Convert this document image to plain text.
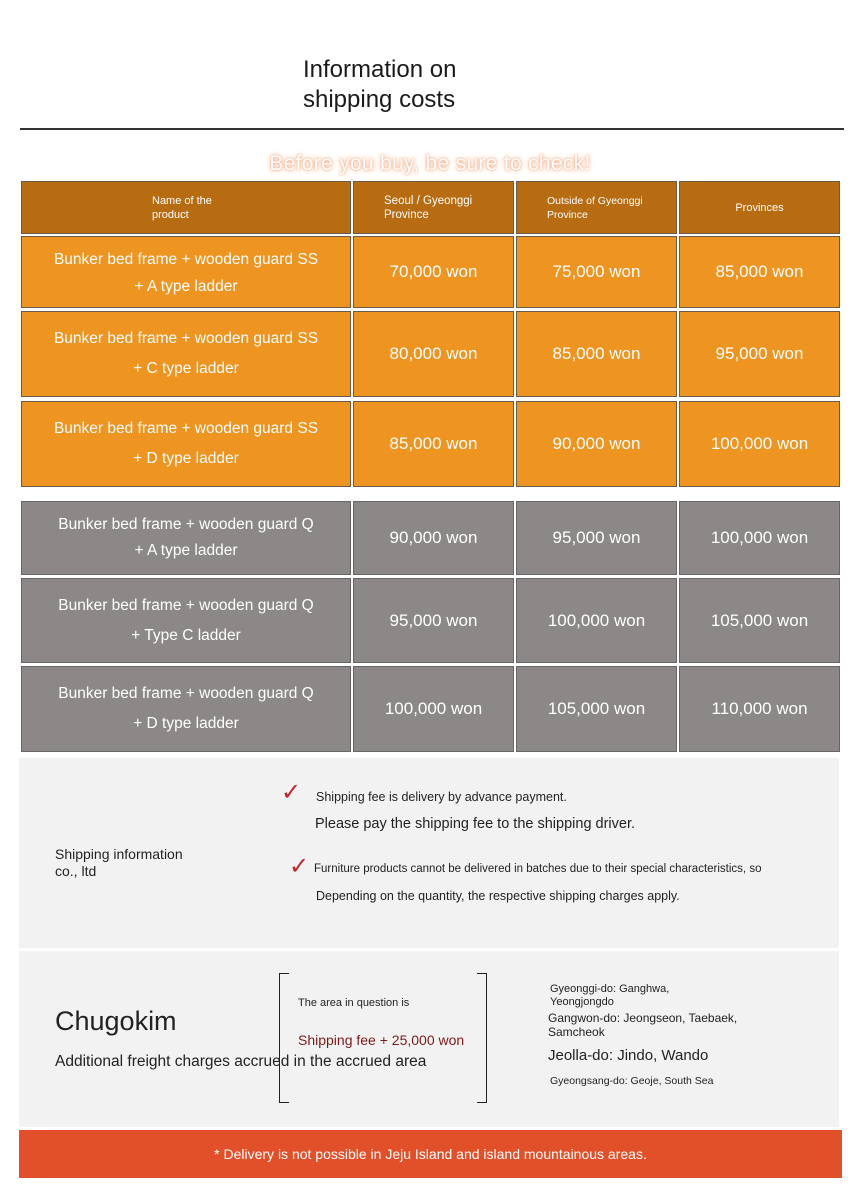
Information on
shipping costs
Before you buy, be sure to check!
Name of the product
Seoul / Gyeonggi Province
Outside of Gyeonggi Province
Provinces
Bunker bed frame + wooden guard SS
+ A type ladder
70,000 won	75,000 won	85,000 won
Bunker bed frame + wooden guard SS
+ C type ladder
80,000 won	85,000 won	95,000 won
Bunker bed frame + wooden guard SS
+ D type ladder
85,000 won	90,000 won	100,000 won
Bunker bed frame + wooden guard Q
+ A type ladder
90,000 won	95,000 won	100,000 won
Bunker bed frame + wooden guard Q
+ Type C ladder
95,000 won	100,000 won	105,000 won
Bunker bed frame + wooden guard Q
+ D type ladder
100,000 won	105,000 won	110,000 won
Shipping information co., ltd
✓ Shipping fee is delivery by advance payment.
Please pay the shipping fee to the shipping driver.
✓ Furniture products cannot be delivered in batches due to their special characteristics, so
Depending on the quantity, the respective shipping charges apply.
Chugokim
Additional freight charges accrued in the accrued area
The area in question is
Shipping fee + 25,000 won
Gyeonggi-do: Ganghwa, Yeongjongdo
Gangwon-do: Jeongseon, Taebaek, Samcheok
Jeolla-do: Jindo, Wando
Gyeongsang-do: Geoje, South Sea
* Delivery is not possible in Jeju Island and island mountainous areas.
